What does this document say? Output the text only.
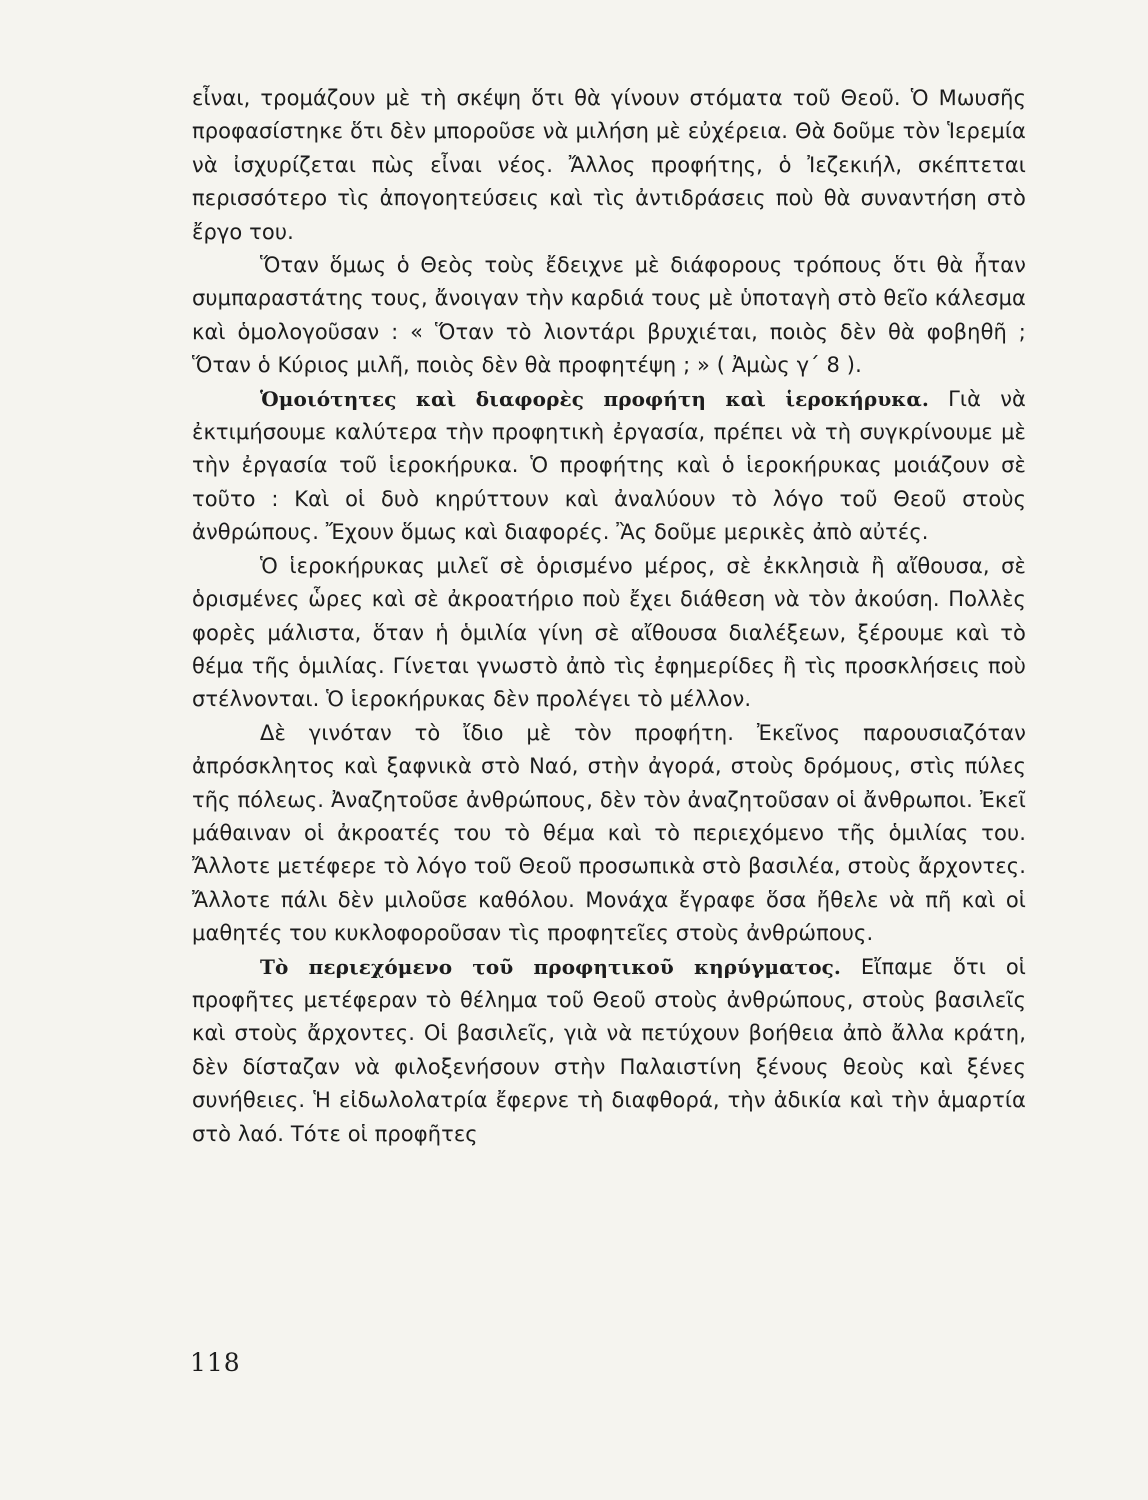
εἶναι, τρομάζουν μὲ τὴ σκέψη ὅτι θὰ γίνουν στόματα τοῦ Θεοῦ. Ὁ Μωυσῆς προφασίστηκε ὅτι δὲν μποροῦσε νὰ μιλήση μὲ εὐχέρεια. Θὰ δοῦμε τὸν Ἱερεμία νὰ ἰσχυρίζεται πὼς εἶναι νέος. Ἄλλος προφήτης, ὁ Ἰεζεκιήλ, σκέπτεται περισσότερο τὶς ἀπογοητεύσεις καὶ τὶς ἀντιδράσεις ποὺ θὰ συναντήση στὸ ἔργο του.

Ὅταν ὅμως ὁ Θεὸς τοὺς ἔδειχνε μὲ διάφορους τρόπους ὅτι θὰ ἦταν συμπαραστάτης τους, ἄνοιγαν τὴν καρδιά τους μὲ ὑποταγὴ στὸ θεῖο κάλεσμα καὶ ὁμολογοῦσαν : « Ὅταν τὸ λιοντάρι βρυχιέται, ποιὸς δὲν θὰ φοβηθῆ ; Ὅταν ὁ Κύριος μιλῆ, ποιὸς δὲν θὰ προφητέψη ; » ( Ἀμὼς γ΄ 8 ).

Ὁμοιότητες καὶ διαφορὲς προφήτη καὶ ἱεροκήρυκα. Γιὰ νὰ ἐκτιμήσουμε καλύτερα τὴν προφητικὴ ἐργασία, πρέπει νὰ τὴ συγκρίνουμε μὲ τὴν ἐργασία τοῦ ἱεροκήρυκα. Ὁ προφήτης καὶ ὁ ἱεροκήρυκας μοιάζουν σὲ τοῦτο : Καὶ οἱ δυὸ κηρύττουν καὶ ἀναλύουν τὸ λόγο τοῦ Θεοῦ στοὺς ἀνθρώπους. Ἔχουν ὅμως καὶ διαφορές. Ἂς δοῦμε μερικὲς ἀπὸ αὐτές.

Ὁ ἱεροκήρυκας μιλεῖ σὲ ὁρισμένο μέρος, σὲ ἐκκλησιὰ ἢ αἴθουσα, σὲ ὁρισμένες ὧρες καὶ σὲ ἀκροατήριο ποὺ ἔχει διάθεση νὰ τὸν ἀκούση. Πολλὲς φορὲς μάλιστα, ὅταν ἡ ὁμιλία γίνη σὲ αἴθουσα διαλέξεων, ξέρουμε καὶ τὸ θέμα τῆς ὁμιλίας. Γίνεται γνωστὸ ἀπὸ τὶς ἐφημερίδες ἢ τὶς προσκλήσεις ποὺ στέλνονται. Ὁ ἱεροκήρυκας δὲν προλέγει τὸ μέλλον.

Δὲ γινόταν τὸ ἴδιο μὲ τὸν προφήτη. Ἐκεῖνος παρουσιαζόταν ἀπρόσκλητος καὶ ξαφνικὰ στὸ Ναό, στὴν ἀγορά, στοὺς δρόμους, στὶς πύλες τῆς πόλεως. Ἀναζητοῦσε ἀνθρώπους, δὲν τὸν ἀναζητοῦσαν οἱ ἄνθρωποι. Ἐκεῖ μάθαιναν οἱ ἀκροατές του τὸ θέμα καὶ τὸ περιεχόμενο τῆς ὁμιλίας του. Ἄλλοτε μετέφερε τὸ λόγο τοῦ Θεοῦ προσωπικὰ στὸ βασιλέα, στοὺς ἄρχοντες. Ἄλλοτε πάλι δὲν μιλοῦσε καθόλου. Μονάχα ἔγραφε ὅσα ἤθελε νὰ πῆ καὶ οἱ μαθητές του κυκλοφοροῦσαν τὶς προφητεῖες στοὺς ἀνθρώπους.

Τὸ περιεχόμενο τοῦ προφητικοῦ κηρύγματος. Εἴπαμε ὅτι οἱ προφῆτες μετέφεραν τὸ θέλημα τοῦ Θεοῦ στοὺς ἀνθρώπους, στοὺς βασιλεῖς καὶ στοὺς ἄρχοντες. Οἱ βασιλεῖς, γιὰ νὰ πετύχουν βοήθεια ἀπὸ ἄλλα κράτη, δὲν δίσταζαν νὰ φιλοξενήσουν στὴν Παλαιστίνη ξένους θεοὺς καὶ ξένες συνήθειες. Ἡ εἰδωλολατρία ἔφερνε τὴ διαφθορά, τὴν ἀδικία καὶ τὴν ἁμαρτία στὸ λαό. Τότε οἱ προφῆτες

118
